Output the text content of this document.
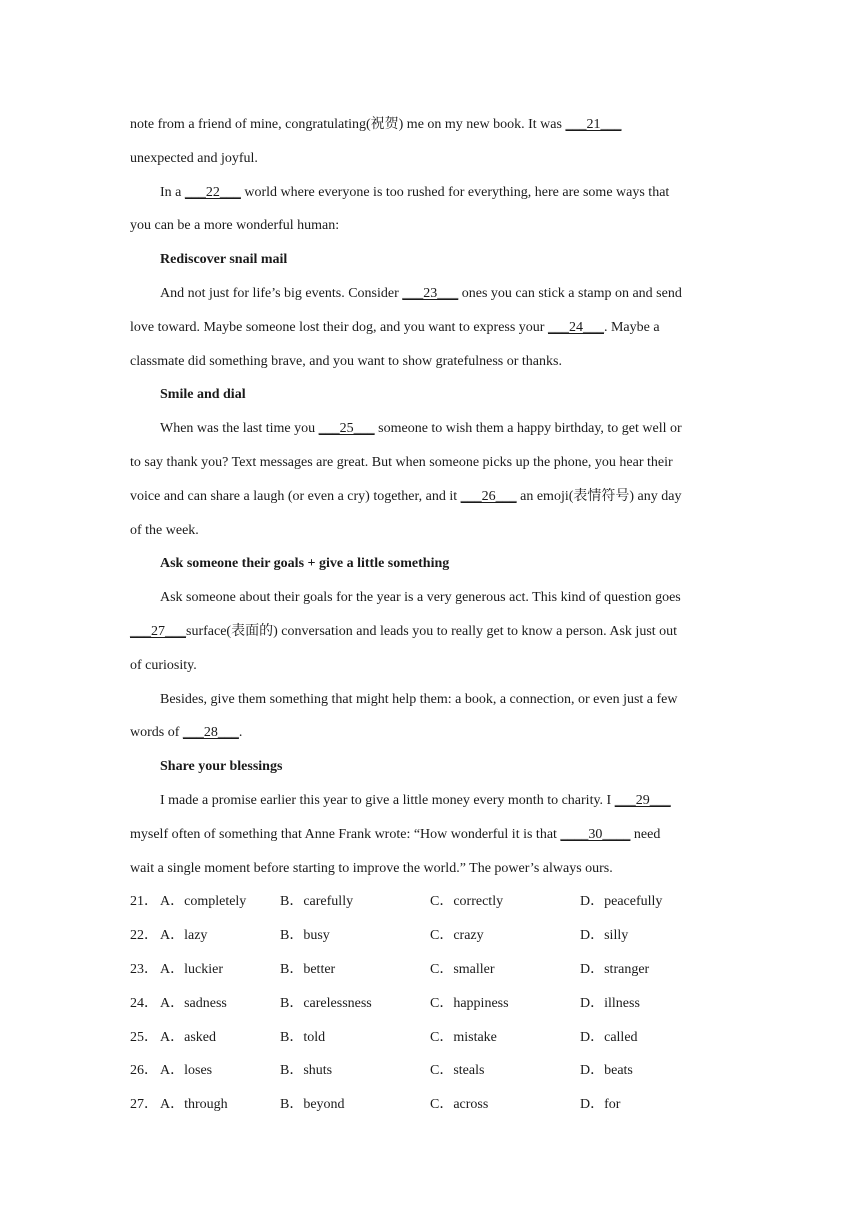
note from a friend of mine, congratulating(祝贺) me on my new book. It was ___21___

unexpected and joyful.

In a ___22___ world where everyone is too rushed for everything, here are some ways that

you can be a more wonderful human:

Rediscover snail mail

And not just for life’s big events. Consider ___23___ ones you can stick a stamp on and send

love toward. Maybe someone lost their dog, and you want to express your ___24___. Maybe a

classmate did something brave, and you want to show gratefulness or thanks.

Smile and dial

When was the last time you ___25___ someone to wish them a happy birthday, to get well or

to say thank you? Text messages are great. But when someone picks up the phone, you hear their

voice and can share a laugh (or even a cry) together, and it ___26___ an emoji(表情符号) any day

of the week.

Ask someone their goals + give a little something

Ask someone about their goals for the year is a very generous act. This kind of question goes

___27___surface(表面的) conversation and leads you to really get to know a person. Ask just out

of curiosity.

Besides, give them something that might help them: a book, a connection, or even just a few

words of ___28___.

Share your blessings

I made a promise earlier this year to give a little money every month to charity. I ___29___

myself often of something that Anne Frank wrote: “How wonderful it is that ____30____ need

wait a single moment before starting to improve the world.” The power’s always ours.

21． A．completely B．carefully	C．correctly	D．peacefully
22． A．lazy	B．busy	C．crazy	D．silly
23． A．luckier	B．better	C．smaller	D．stranger
24． A．sadness	B．carelessness	C．happiness	D．illness
25． A．asked	B．told	C．mistake	D．called
26． A．loses	B．shuts	C．steals	D．beats
27． A．through	B．beyond	C．across	D．for
